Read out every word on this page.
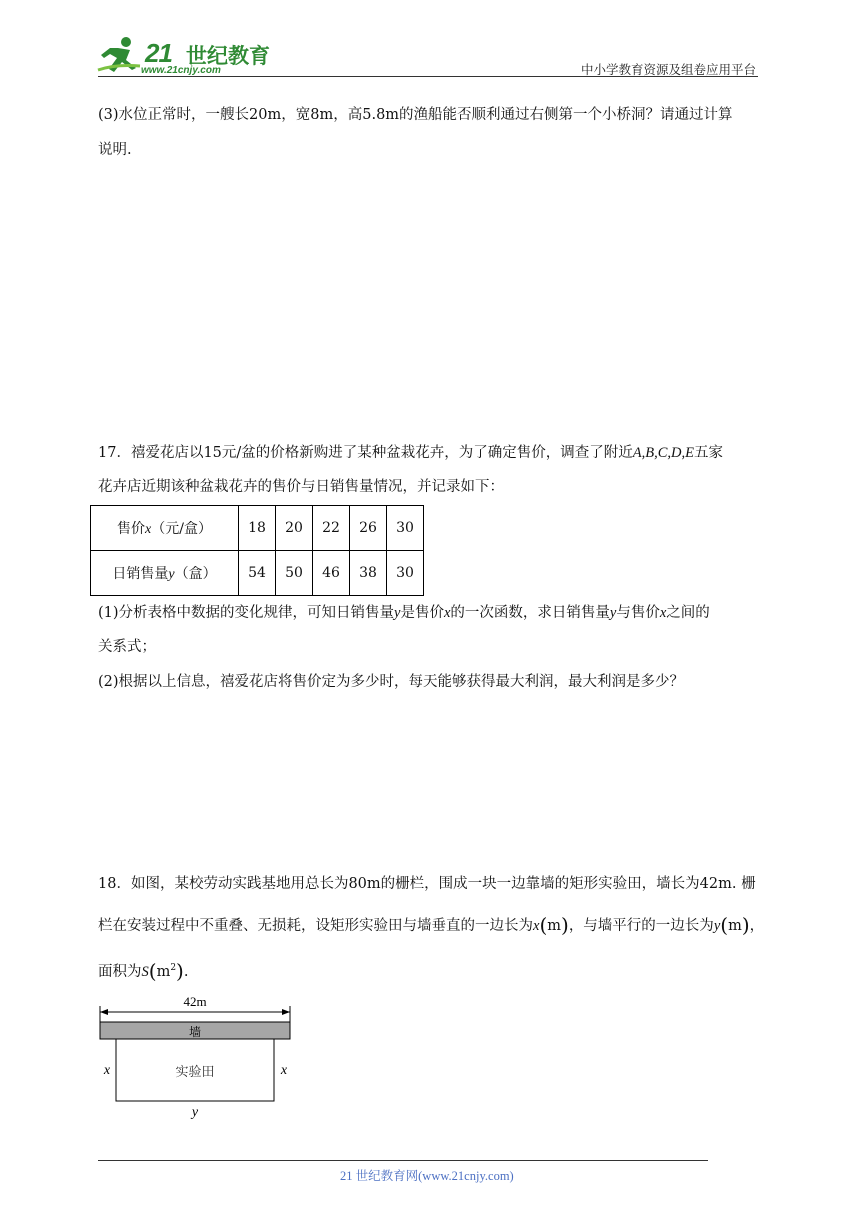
21 世纪教育
www.21cnjy.com	中小学教育资源及组卷应用平台
(3)水位正常时，一艘长20m，宽8m，高5.8m的渔船能否顺利通过右侧第一个小桥洞？请通过计算
说明.
17．禧爱花店以15元/盆的价格新购进了某种盆栽花卉，为了确定售价，调查了附近A,B,C,D,E五家
花卉店近期该种盆栽花卉的售价与日销售量情况，并记录如下：
售价x（元/盒）	18	20	22	26	30
日销售量y（盒）	54	50	46	38	30
(1)分析表格中数据的变化规律，可知日销售量y是售价x的一次函数，求日销售量y与售价x之间的
关系式；
(2)根据以上信息，禧爱花店将售价定为多少时，每天能够获得最大利润，最大利润是多少？
18．如图，某校劳动实践基地用总长为80m的栅栏，围成一块一边靠墙的矩形实验田，墙长为42m. 栅
栏在安装过程中不重叠、无损耗，设矩形实验田与墙垂直的一边长为x(m)，与墙平行的一边长为y(m)，
面积为$S(m^2)$.
42m
墙
实验田
x	x
y
21 世纪教育网(www.21cnjy.com)
